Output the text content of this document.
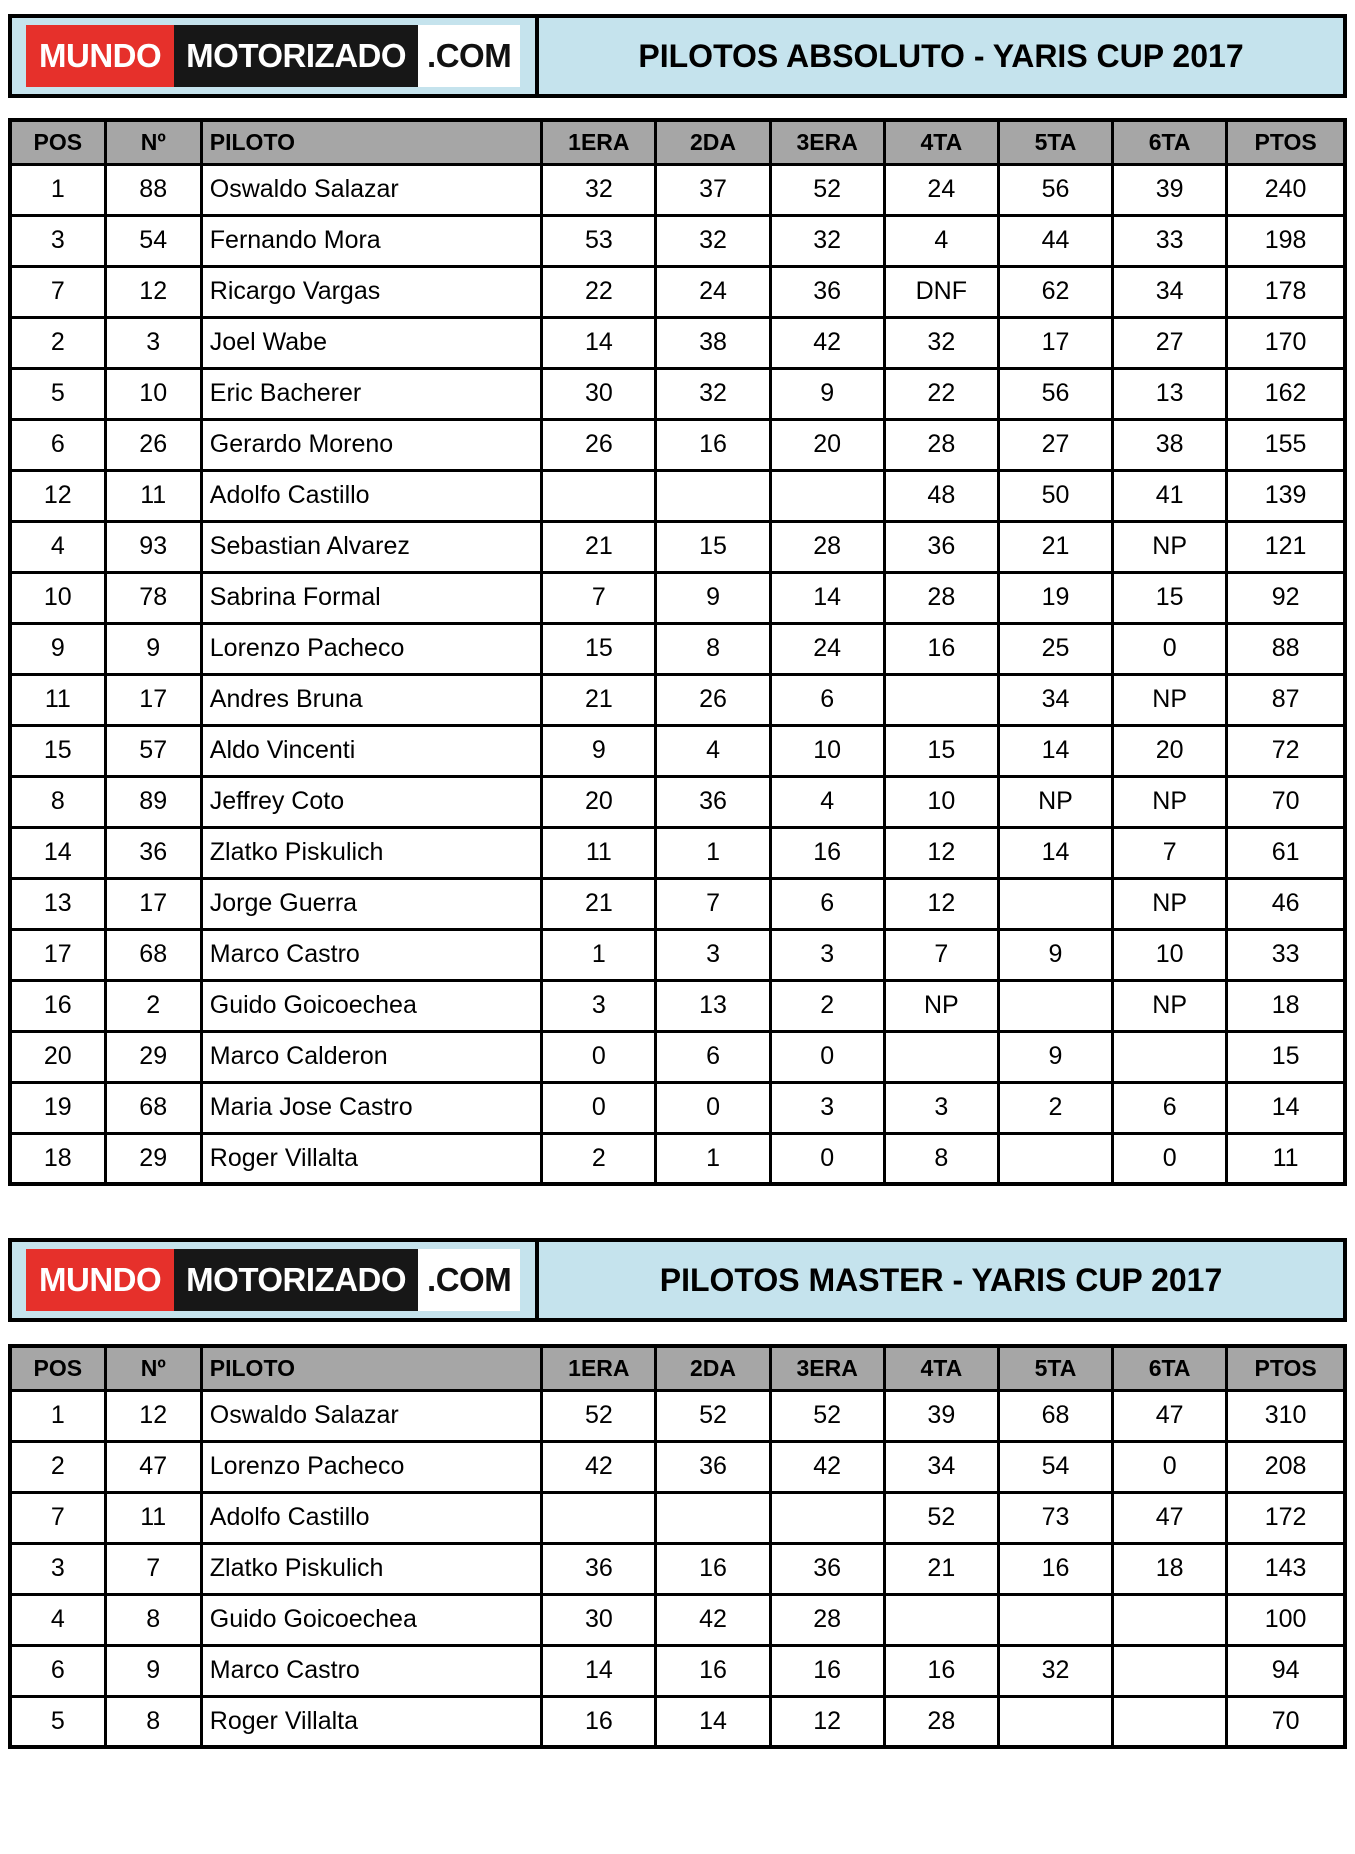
MUNDO MOTORIZADO .COM	PILOTOS ABSOLUTO - YARIS CUP 2017
POS	Nº	PILOTO	1ERA	2DA	3ERA	4TA	5TA	6TA	PTOS
1	88	Oswaldo Salazar	32	37	52	24	56	39	240
3	54	Fernando Mora	53	32	32	4	44	33	198
7	12	Ricargo Vargas	22	24	36	DNF	62	34	178
2	3	Joel Wabe	14	38	42	32	17	27	170
5	10	Eric Bacherer	30	32	9	22	56	13	162
6	26	Gerardo Moreno	26	16	20	28	27	38	155
12	11	Adolfo Castillo				48	50	41	139
4	93	Sebastian Alvarez	21	15	28	36	21	NP	121
10	78	Sabrina Formal	7	9	14	28	19	15	92
9	9	Lorenzo Pacheco	15	8	24	16	25	0	88
11	17	Andres Bruna	21	26	6		34	NP	87
15	57	Aldo Vincenti	9	4	10	15	14	20	72
8	89	Jeffrey Coto	20	36	4	10	NP	NP	70
14	36	Zlatko Piskulich	11	1	16	12	14	7	61
13	17	Jorge Guerra	21	7	6	12		NP	46
17	68	Marco Castro	1	3	3	7	9	10	33
16	2	Guido Goicoechea	3	13	2	NP		NP	18
20	29	Marco Calderon	0	6	0		9		15
19	68	Maria Jose Castro	0	0	3	3	2	6	14
18	29	Roger Villalta	2	1	0	8		0	11
MUNDO MOTORIZADO .COM	PILOTOS MASTER - YARIS CUP 2017
POS	Nº	PILOTO	1ERA	2DA	3ERA	4TA	5TA	6TA	PTOS
1	12	Oswaldo Salazar	52	52	52	39	68	47	310
2	47	Lorenzo Pacheco	42	36	42	34	54	0	208
7	11	Adolfo Castillo				52	73	47	172
3	7	Zlatko Piskulich	36	16	36	21	16	18	143
4	8	Guido Goicoechea	30	42	28				100
6	9	Marco Castro	14	16	16	16	32		94
5	8	Roger Villalta	16	14	12	28			70
